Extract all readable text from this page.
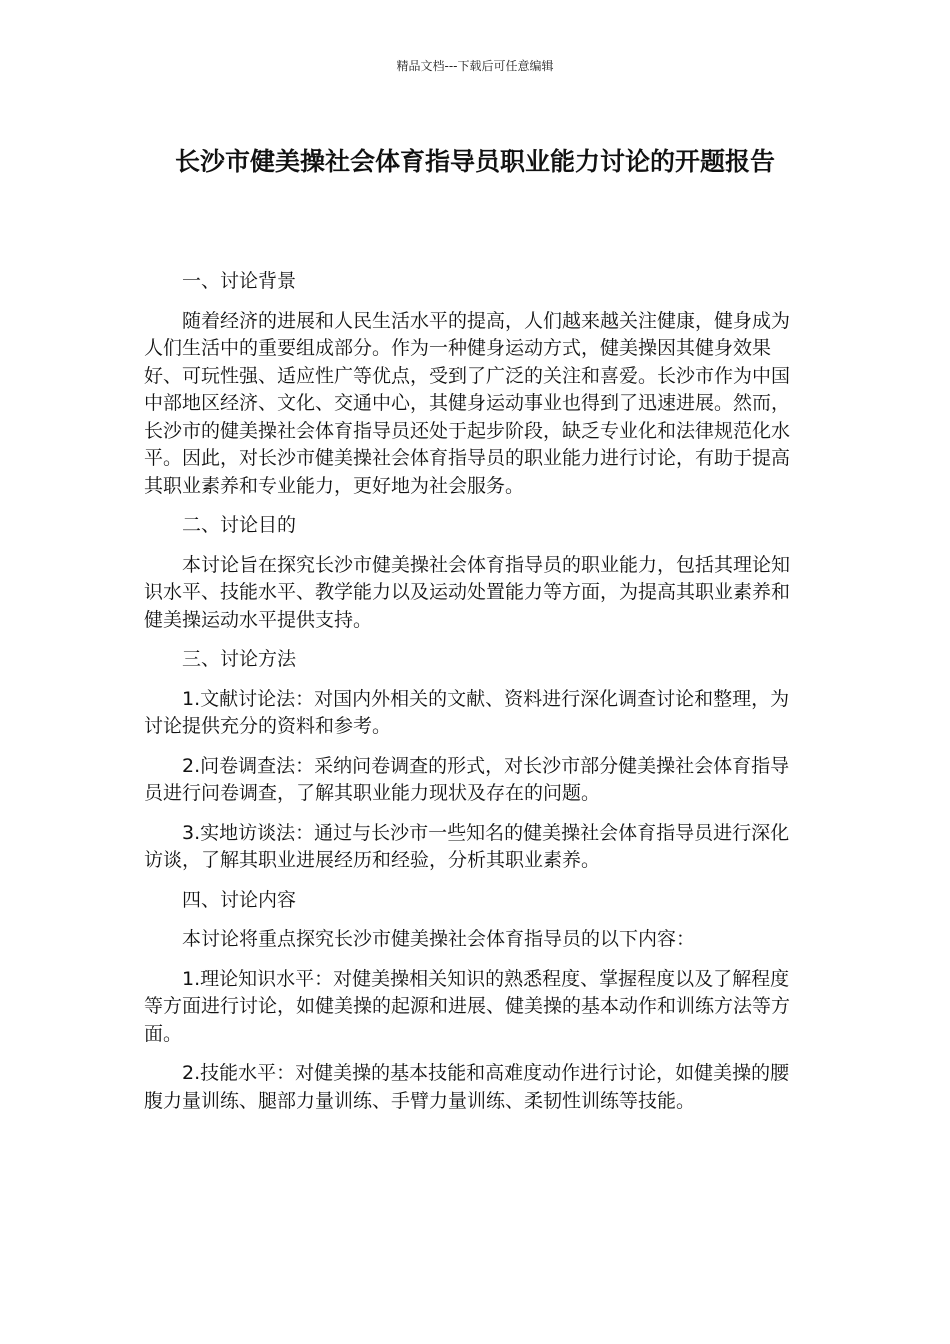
精品文档---下载后可任意编辑
长沙市健美操社会体育指导员职业能力讨论的开题报告
一、讨论背景

随着经济的进展和人民生活水平的提高，人们越来越关注健康，健身成为人们生活中的重要组成部分。作为一种健身运动方式，健美操因其健身效果好、可玩性强、适应性广等优点，受到了广泛的关注和喜爱。长沙市作为中国中部地区经济、文化、交通中心，其健身运动事业也得到了迅速进展。然而，长沙市的健美操社会体育指导员还处于起步阶段，缺乏专业化和法律规范化水平。因此，对长沙市健美操社会体育指导员的职业能力进行讨论，有助于提高其职业素养和专业能力，更好地为社会服务。

二、讨论目的

本讨论旨在探究长沙市健美操社会体育指导员的职业能力，包括其理论知识水平、技能水平、教学能力以及运动处置能力等方面，为提高其职业素养和健美操运动水平提供支持。

三、讨论方法

1.文献讨论法：对国内外相关的文献、资料进行深化调查讨论和整理，为讨论提供充分的资料和参考。

2.问卷调查法：采纳问卷调查的形式，对长沙市部分健美操社会体育指导员进行问卷调查，了解其职业能力现状及存在的问题。

3.实地访谈法：通过与长沙市一些知名的健美操社会体育指导员进行深化访谈，了解其职业进展经历和经验，分析其职业素养。

四、讨论内容

本讨论将重点探究长沙市健美操社会体育指导员的以下内容：

1.理论知识水平：对健美操相关知识的熟悉程度、掌握程度以及了解程度等方面进行讨论，如健美操的起源和进展、健美操的基本动作和训练方法等方面。

2.技能水平：对健美操的基本技能和高难度动作进行讨论，如健美操的腰腹力量训练、腿部力量训练、手臂力量训练、柔韧性训练等技能。
